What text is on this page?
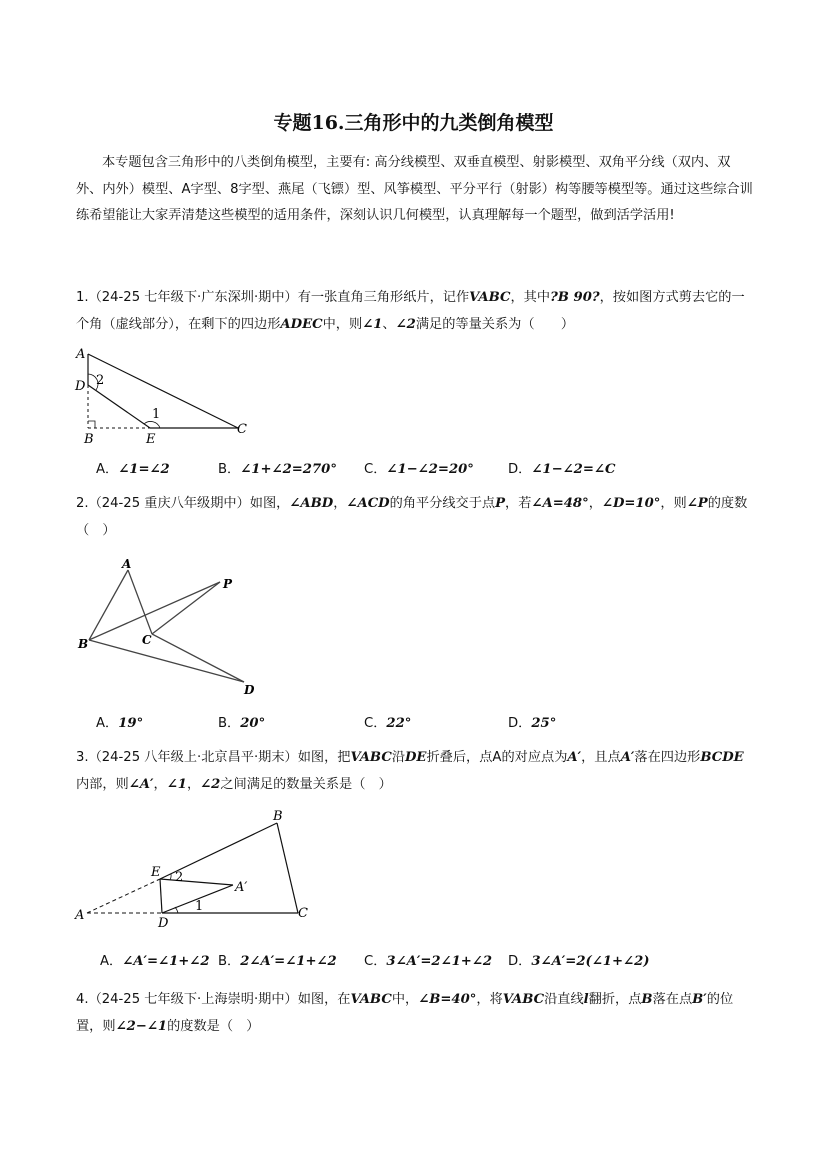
专题16.三角形中的九类倒角模型

本专题包含三角形中的八类倒角模型，主要有: 高分线模型、双垂直模型、射影模型、双角平分线（双内、双外、内外）模型、A字型、8字型、燕尾（飞镖）型、风筝模型、平分平行（射影）构等腰等模型等。通过这些综合训练希望能让大家弄清楚这些模型的适用条件，深刻认识几何模型，认真理解每一个题型，做到活学活用!

1.（24-25 七年级下·广东深圳·期中）有一张直角三角形纸片，记作VABC，其中?B 90?，按如图方式剪去它的一个角（虚线部分），在剩下的四边形ADEC中，则∠1、∠2满足的等量关系为（　　）

A
D 2
B	E
1
C
A．∠1=∠2	B．∠1+∠2=270° C．∠1−∠2=20°	D．∠1−∠2=∠C

2.（24-25 重庆八年级期中）如图，∠ABD，∠ACD的角平分线交于点P，若∠A=48°，∠D=10°，则∠P的度数（　）

A
B	C
P
D
A．19°	B．20°	C．22°	D．25°

3.（24-25 八年级上·北京昌平·期末）如图，把VABC沿DE折叠后，点A的对应点为A′，且点A′落在四边形BCDE内部，则∠A′，∠1，∠2之间满足的数量关系是（　）

A
E 2
A′
B
D
1	C
A．∠A′=∠1+∠2 B．2∠A′=∠1+∠2 C．3∠A′=2∠1+∠2 D．3∠A′=2(∠1+∠2)

4.（24-25 七年级下·上海崇明·期中）如图，在VABC中，∠B=40°，将VABC沿直线l翻折，点B落在点B′的位置，则∠2−∠1的度数是（　）
